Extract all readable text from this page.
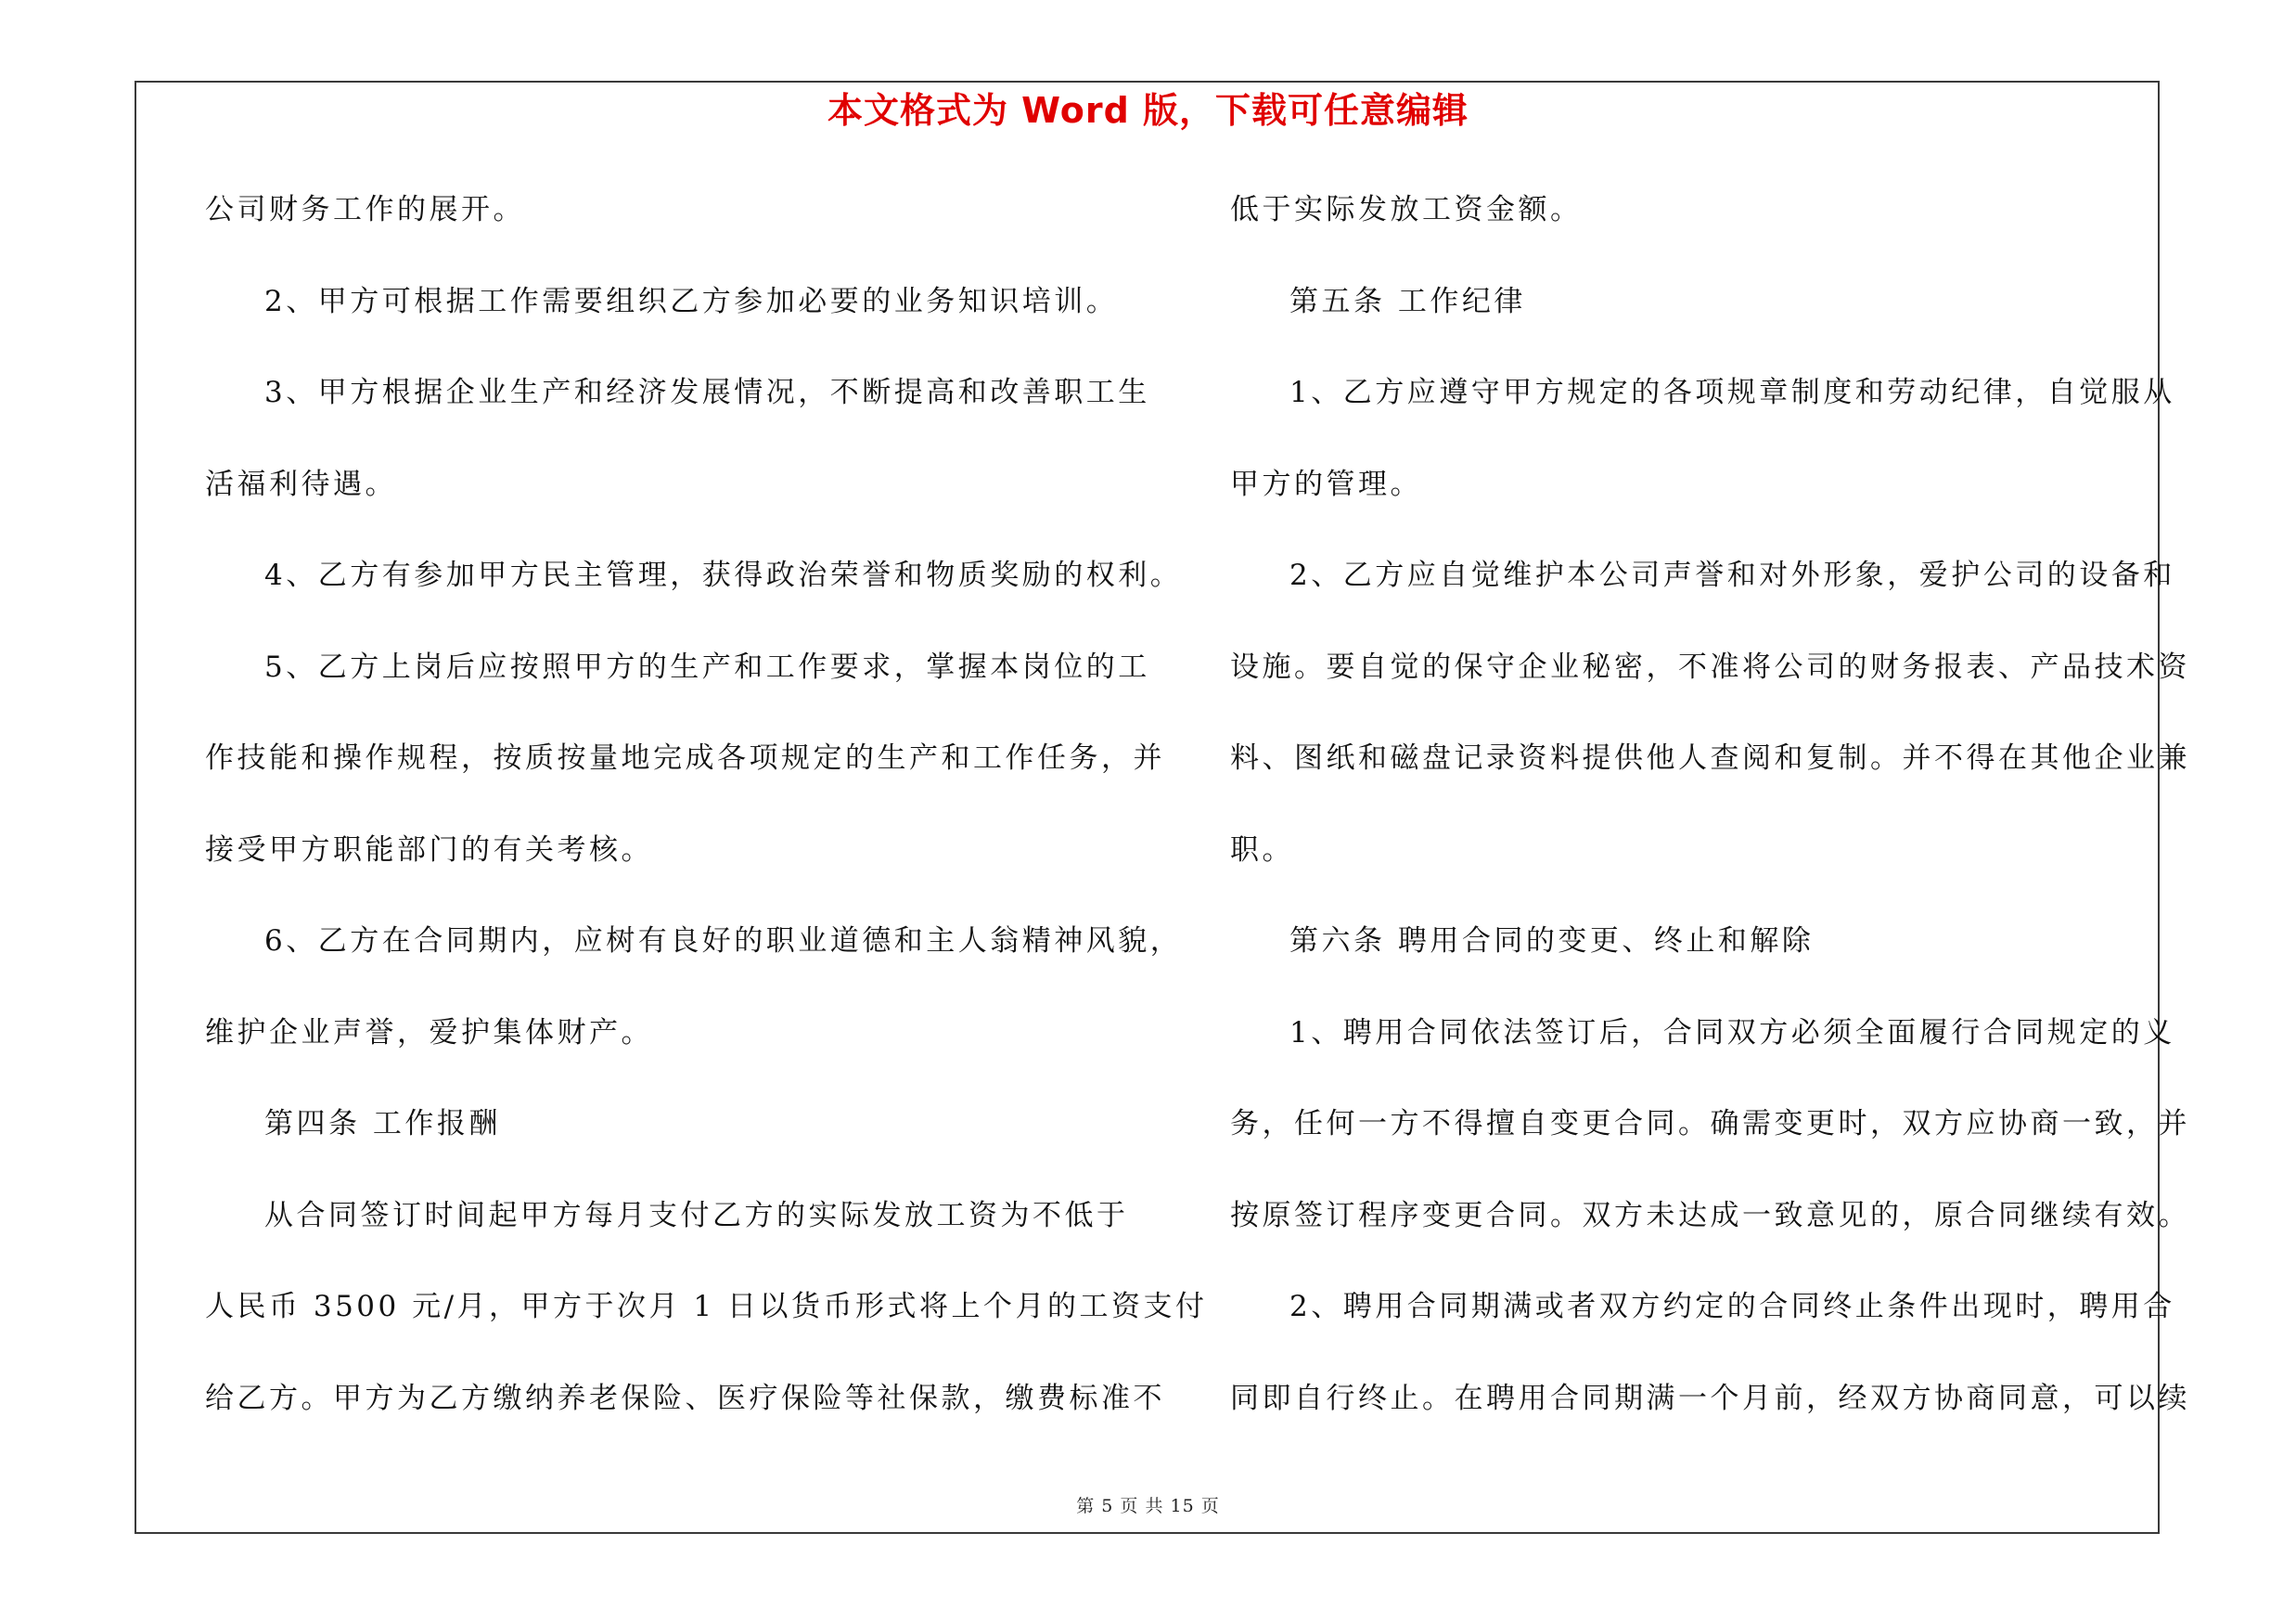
本文格式为 Word 版，下载可任意编辑
公司财务工作的展开。
2、甲方可根据工作需要组织乙方参加必要的业务知识培训。
3、甲方根据企业生产和经济发展情况，不断提高和改善职工生
活福利待遇。
4、乙方有参加甲方民主管理，获得政治荣誉和物质奖励的权利。
5、乙方上岗后应按照甲方的生产和工作要求，掌握本岗位的工
作技能和操作规程，按质按量地完成各项规定的生产和工作任务，并
接受甲方职能部门的有关考核。
6、乙方在合同期内，应树有良好的职业道德和主人翁精神风貌，
维护企业声誉，爱护集体财产。
第四条 工作报酬
从合同签订时间起甲方每月支付乙方的实际发放工资为不低于
人民币 3500 元/月，甲方于次月 1 日以货币形式将上个月的工资支付
给乙方。甲方为乙方缴纳养老保险、医疗保险等社保款，缴费标准不
低于实际发放工资金额。
第五条 工作纪律
1、乙方应遵守甲方规定的各项规章制度和劳动纪律，自觉服从
甲方的管理。
2、乙方应自觉维护本公司声誉和对外形象，爱护公司的设备和
设施。要自觉的保守企业秘密，不准将公司的财务报表、产品技术资
料、图纸和磁盘记录资料提供他人查阅和复制。并不得在其他企业兼
职。
第六条 聘用合同的变更、终止和解除
1、聘用合同依法签订后，合同双方必须全面履行合同规定的义
务，任何一方不得擅自变更合同。确需变更时，双方应协商一致，并
按原签订程序变更合同。双方未达成一致意见的，原合同继续有效。
2、聘用合同期满或者双方约定的合同终止条件出现时，聘用合
同即自行终止。在聘用合同期满一个月前，经双方协商同意，可以续
第 5 页 共 15 页
